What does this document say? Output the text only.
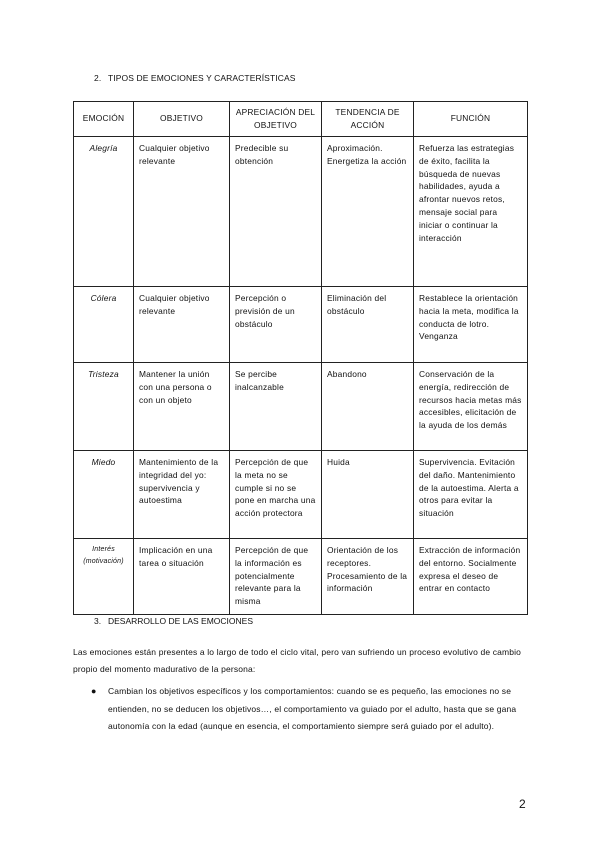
2. TIPOS DE EMOCIONES Y CARACTERÍSTICAS
EMOCIÓN	OBJETIVO	APRECIACIÓN DEL OBJETIVO	TENDENCIA DE ACCIÓN	FUNCIÓN
Alegría	Cualquier objetivo relevante	Predecible su obtención	Aproximación. Energetiza la acción	Refuerza las estrategias de éxito, facilita la búsqueda de nuevas habilidades, ayuda a afrontar nuevos retos, mensaje social para iniciar o continuar la interacción
Cólera	Cualquier objetivo relevante	Percepción o previsión de un obstáculo	Eliminación del obstáculo	Restablece la orientación hacia la meta, modifica la conducta de lotro. Venganza
Tristeza	Mantener la unión con una persona o con un objeto	Se percibe inalcanzable	Abandono	Conservación de la energía, redirección de recursos hacia metas más accesibles, elicitación de la ayuda de los demás
Miedo	Mantenimiento de la integridad del yo: supervivencia y autoestima	Percepción de que la meta no se cumple si no se pone en marcha una acción protectora	Huida	Supervivencia. Evitación del daño. Mantenimiento de la autoestima. Alerta a otros para evitar la situación
Interés (motivación)	Implicación en una tarea o situación	Percepción de que la información es potencialmente relevante para la misma	Orientación de los receptores. Procesamiento de la información	Extracción de información del entorno. Socialmente expresa el deseo de entrar en contacto
3. DESARROLLO DE LAS EMOCIONES
Las emociones están presentes a lo largo de todo el ciclo vital, pero van sufriendo un proceso evolutivo de cambio propio del momento madurativo de la persona:
● Cambian los objetivos específicos y los comportamientos: cuando se es pequeño, las emociones no se entienden, no se deducen los objetivos…, el comportamiento va guiado por el adulto, hasta que se gana autonomía con la edad (aunque en esencia, el comportamiento siempre será guiado por el adulto).
2
